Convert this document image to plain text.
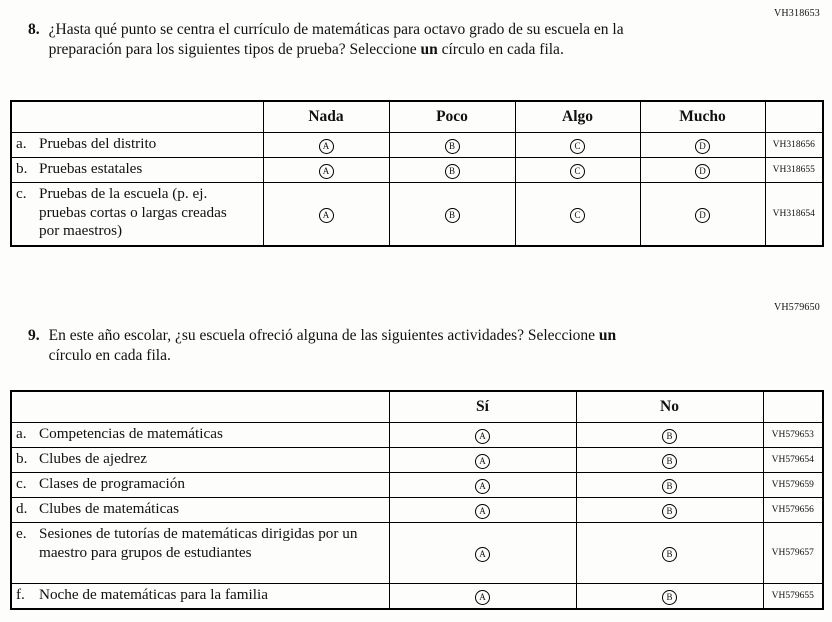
VH318653
8. ¿Hasta qué punto se centra el currículo de matemáticas para octavo grado de su escuela en la preparación para los siguientes tipos de prueba? Seleccione un círculo en cada fila.
	Nada	Poco	Algo	Mucho	

a. Pruebas del distrito	A	B	C	D	VH318656

b. Pruebas estatales	A	B	C	D	VH318655

c. Pruebas de la escuela (p. ej. pruebas cortas o largas creadas por maestros)	A	B	C	D	VH318654
VH579650
9. En este año escolar, ¿su escuela ofreció alguna de las siguientes actividades? Seleccione un círculo en cada fila.
	Sí	No	

a. Competencias de matemáticas	A	B	VH579653

b. Clubes de ajedrez	A	B	VH579654

c. Clases de programación	A	B	VH579659

d. Clubes de matemáticas	A	B	VH579656

e. Sesiones de tutorías de matemáticas dirigidas por un maestro para grupos de estudiantes	A	B	VH579657

f. Noche de matemáticas para la familia	A	B	VH579655
